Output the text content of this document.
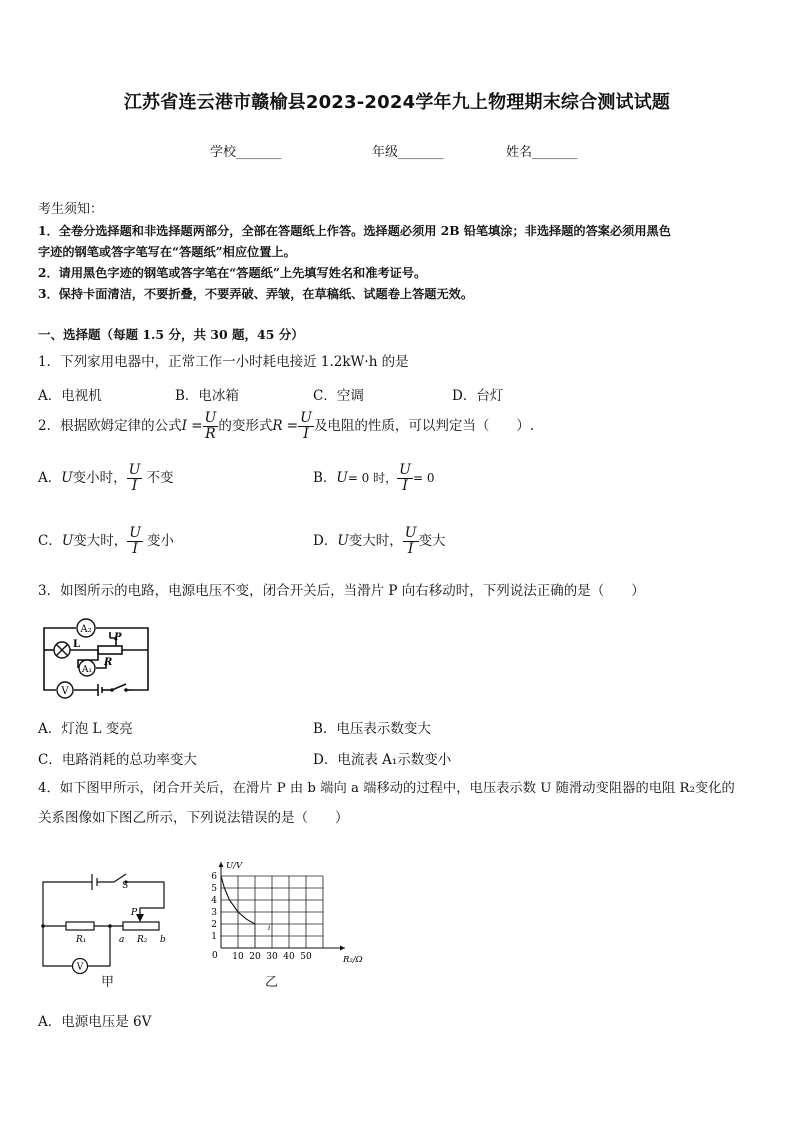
江苏省连云港市赣榆县2023-2024学年九上物理期末综合测试试题
学校_______	年级_______	姓名_______
考生须知：
1．全卷分选择题和非选择题两部分，全部在答题纸上作答。选择题必须用 2B 铅笔填涂；非选择题的答案必须用黑色
字迹的钢笔或答字笔写在“答题纸”相应位置上。
2．请用黑色字迹的钢笔或答字笔在“答题纸”上先填写姓名和准考证号。
3．保持卡面清洁，不要折叠，不要弄破、弄皱，在草稿纸、试题卷上答题无效。
一、选择题（每题 1.5 分，共 30 题，45 分）
1．下列家用电器中，正常工作一小时耗电接近 1.2kW·h 的是
A．电视机	B．电冰箱	C．空调	D．台灯
2．根据欧姆定律的公式$I = \frac{U}{R}$ 的变形式$R = \frac{U}{I}$ 及电阻的性质，可以判定当（　　）.
A．U变小时， $\frac{U}{I}$ 不变	B．U= 0 时， $\frac{U}{I} = 0$
C．U变大时， $\frac{U}{I}$ 变小	D．U变大时， $\frac{U}{I}$ 变大
3．如图所示的电路，电源电压不变，闭合开关后，当滑片 P 向右移动时，下列说法正确的是（　　）
A₂
L
P
R
A₁
V
A．灯泡 L 变亮	B．电压表示数变大
C．电路消耗的总功率变大	D．电流表 A₁示数变小
4．如下图甲所示，闭合开关后，在滑片 P 由 b 端向 a 端移动的过程中，电压表示数 U 随滑动变阻器的电阻 R₂变化的
关系图像如下图乙所示，下列说法错误的是（　　）
S
P
R₁	a R₂ b
V
甲
U/V
R₂/Ω
0 10 20 30 40 50
1
2
3
4
5
6
i
乙
A．电源电压是 6V
